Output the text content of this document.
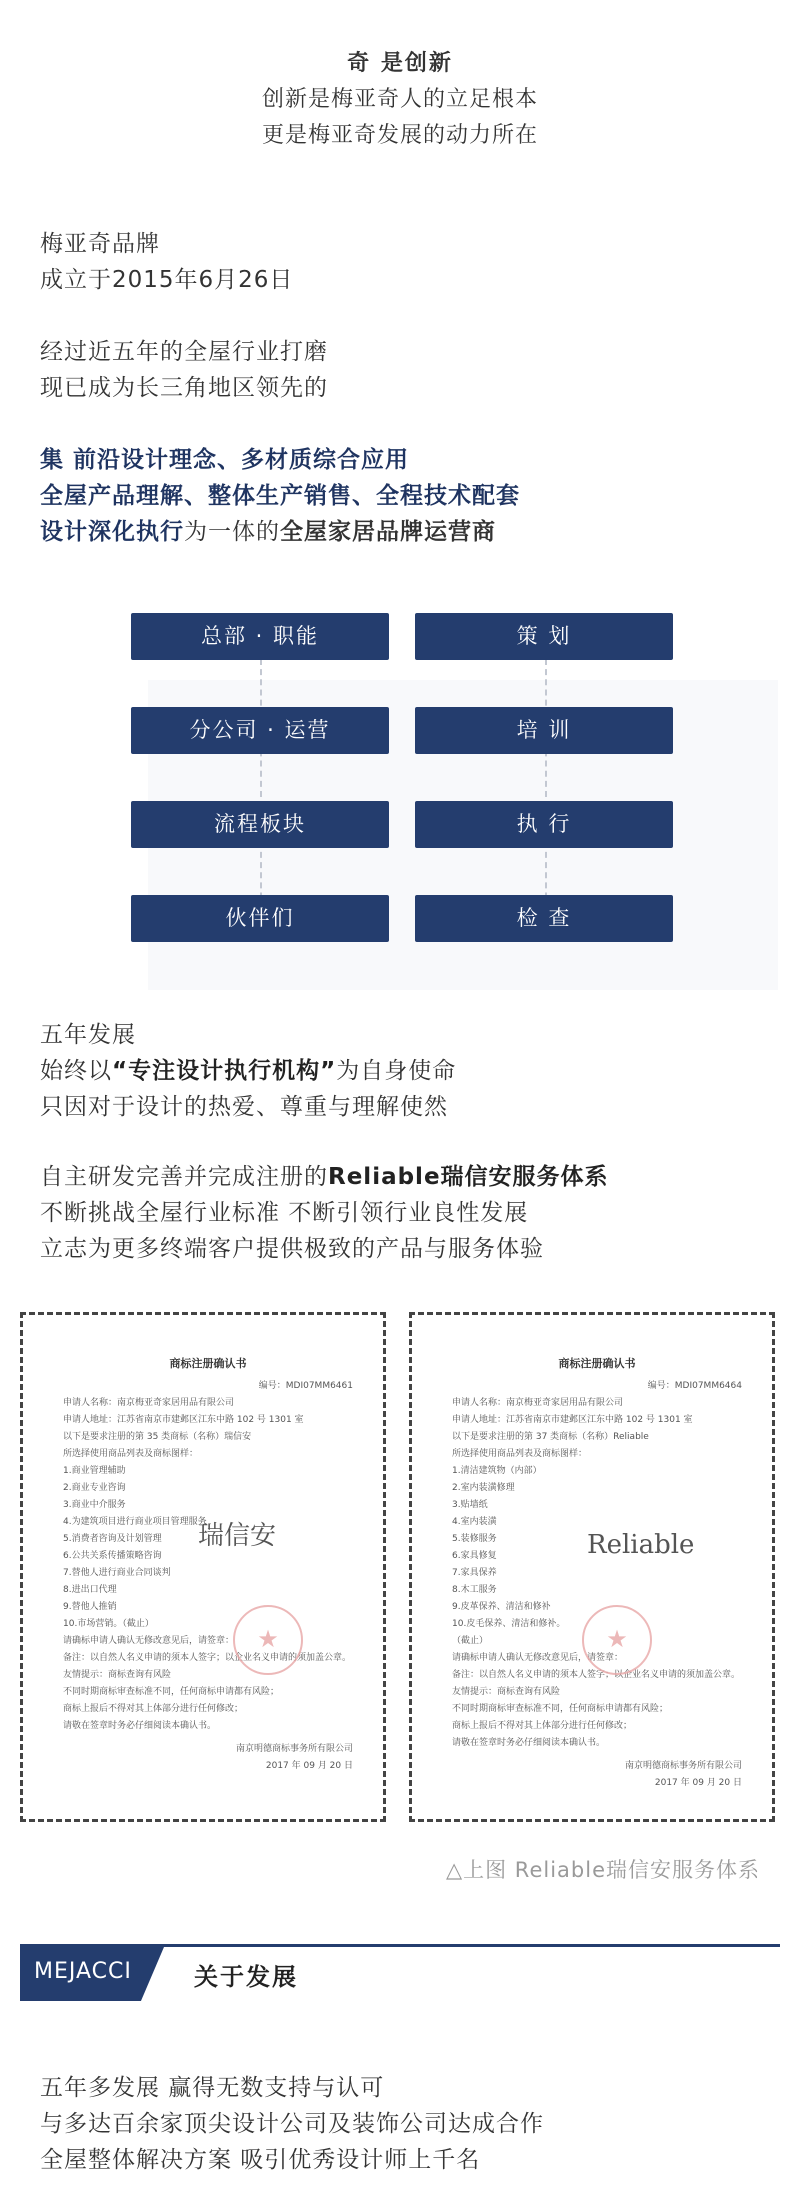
奇 是创新
创新是梅亚奇人的立足根本
更是梅亚奇发展的动力所在
梅亚奇品牌
成立于2015年6月26日
经过近五年的全屋行业打磨
现已成为长三角地区领先的
集 前沿设计理念、多材质综合应用
全屋产品理解、整体生产销售、全程技术配套
设计深化执行为一体的全屋家居品牌运营商
总部 · 职能
分公司 · 运营
流程板块
伙伴们
策 划
培 训
执 行
检 查
五年发展
始终以“专注设计执行机构”为自身使命
只因对于设计的热爱、尊重与理解使然
自主研发完善并完成注册的Reliable瑞信安服务体系
不断挑战全屋行业标准 不断引领行业良性发展
立志为更多终端客户提供极致的产品与服务体验
商标注册确认书
编号：MDI07MM6461
申请人名称：南京梅亚奇家居用品有限公司
申请人地址：江苏省南京市建邺区江东中路 102 号 1301 室
以下是要求注册的第 35 类商标（名称）瑞信安
所选择使用商品列表及商标图样：
1.商业管理辅助
2.商业专业咨询
3.商业中介服务
4.为建筑项目进行商业项目管理服务
5.消费者咨询及计划管理
6.公共关系传播策略咨询
7.替他人进行商业合同谈判
8.进出口代理
9.替他人推销
10.市场营销。（截止）
请确标申请人确认无修改意见后，请签章：
备注：以自然人名义申请的须本人签字；以企业名义申请的须加盖公章。
友情提示：商标查询有风险
不同时期商标审查标准不同，任何商标申请都有风险；
商标上报后不得对其上体部分进行任何修改；
请敬在签章时务必仔细阅读本确认书。
南京明德商标事务所有限公司
2017 年 09 月 20 日
瑞信安
★
商标注册确认书
编号：MDI07MM6464
申请人名称：南京梅亚奇家居用品有限公司
申请人地址：江苏省南京市建邺区江东中路 102 号 1301 室
以下是要求注册的第 37 类商标（名称）Reliable
所选择使用商品列表及商标图样：
1.清洁建筑物（内部）
2.室内装潢修理
3.贴墙纸
4.室内装潢
5.装修服务
6.家具修复
7.家具保养
8.木工服务
9.皮革保养、清洁和修补
10.皮毛保养、清洁和修补。
（截止）
请确标申请人确认无修改意见后，请签章：
备注：以自然人名义申请的须本人签字；以企业名义申请的须加盖公章。
友情提示：商标查询有风险
不同时期商标审查标准不同，任何商标申请都有风险；
商标上报后不得对其上体部分进行任何修改；
请敬在签章时务必仔细阅读本确认书。
南京明德商标事务所有限公司
2017 年 09 月 20 日
Reliable
★
△上图 Reliable瑞信安服务体系
MEJACCI	关于发展
五年多发展 赢得无数支持与认可
与多达百余家顶尖设计公司及装饰公司达成合作
全屋整体解决方案 吸引优秀设计师上千名
